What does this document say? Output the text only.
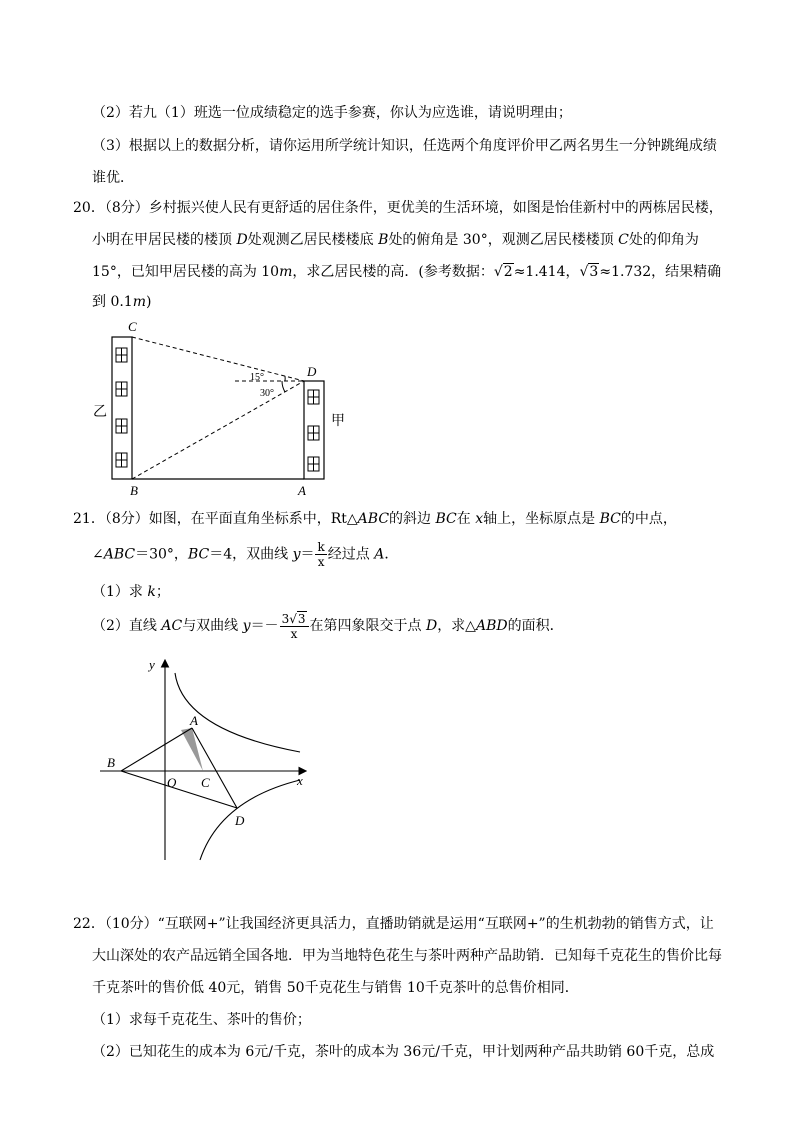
（2）若九（1）班选一位成绩稳定的选手参赛，你认为应选谁，请说明理由；
（3）根据以上的数据分析，请你运用所学统计知识，任选两个角度评价甲乙两名男生一分钟跳绳成绩
谁优．
20．（8分）乡村振兴使人民有更舒适的居住条件，更优美的生活环境，如图是怡佳新村中的两栋居民楼，
小明在甲居民楼的楼顶 D处观测乙居民楼楼底 B处的俯角是 30°，观测乙居民楼楼顶 C处的仰角为
15°，已知甲居民楼的高为 10m，求乙居民楼的高．(参考数据：√2≈1.414，√3≈1.732，结果精确
到 0.1m)
C
D
B	A
乙
甲
15°
30°
21．（8分）如图，在平面直角坐标系中，Rt△ABC的斜边 BC在 x轴上，坐标原点是 BC的中点，
∠ABC＝30°，BC＝4，双曲线 $y= \frac{k}{x}$ 经过点 A．
（1）求 k；
（2）直线 AC与双曲线 $y=- \frac{3√3}{x}$ 在第四象限交于点 D，求△ABD的面积．
y
x
O
A
B
C
D
22．（10分）“互联网+”让我国经济更具活力，直播助销就是运用“互联网+”的生机勃勃的销售方式，让
大山深处的农产品远销全国各地．甲为当地特色花生与茶叶两种产品助销．已知每千克花生的售价比每
千克茶叶的售价低 40元，销售 50千克花生与销售 10千克茶叶的总售价相同．
（1）求每千克花生、茶叶的售价；
（2）已知花生的成本为 6元/千克，茶叶的成本为 36元/千克，甲计划两种产品共助销 60千克，总成
